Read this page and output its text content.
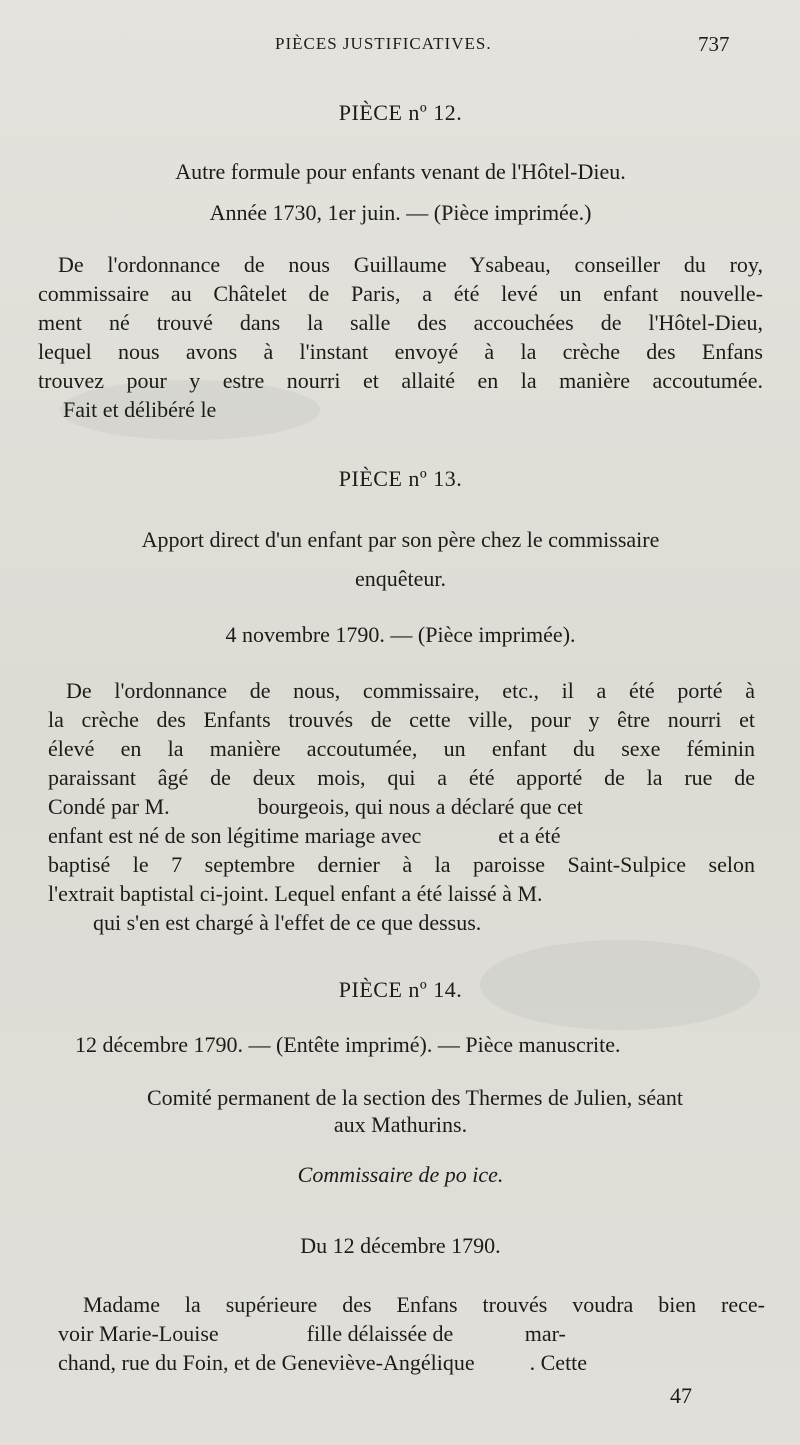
PIÈCES JUSTIFICATIVES.	737
PIÈCE nº 12.
Autre formule pour enfants venant de l'Hôtel-Dieu.
Année 1730, 1er juin. — (Pièce imprimée.)
De l'ordonnance de nous Guillaume Ysabeau, conseiller du roy,
commissaire au Châtelet de Paris, a été levé un enfant nouvelle-
ment né trouvé dans la salle des accouchées de l'Hôtel-Dieu,
lequel nous avons à l'instant envoyé à la crèche des Enfans
trouvez pour y estre nourri et allaité en la manière accoutumée.
Fait et délibéré le
PIÈCE nº 13.
Apport direct d'un enfant par son père chez le commissaire
enquêteur.
4 novembre 1790. — (Pièce imprimée).
De l'ordonnance de nous, commissaire, etc., il a été porté à
la crèche des Enfants trouvés de cette ville, pour y être nourri et
élevé en la manière accoutumée, un enfant du sexe féminin
paraissant âgé de deux mois, qui a été apporté de la rue de
Condé par M.                bourgeois, qui nous a déclaré que cet
enfant est né de son légitime mariage avec              et a été
baptisé le 7 septembre dernier à la paroisse Saint-Sulpice selon
l'extrait baptistal ci-joint. Lequel enfant a été laissé à M.
qui s'en est chargé à l'effet de ce que dessus.
PIÈCE nº 14.
12 décembre 1790. — (Entête imprimé). — Pièce manuscrite.
Comité permanent de la section des Thermes de Julien, séant
aux Mathurins.
Commissaire de po ice.
Du 12 décembre 1790.
Madame la supérieure des Enfans trouvés voudra bien rece-
voir Marie-Louise                fille délaissée de             mar-
chand, rue du Foin, et de Geneviève-Angélique          . Cette
47
